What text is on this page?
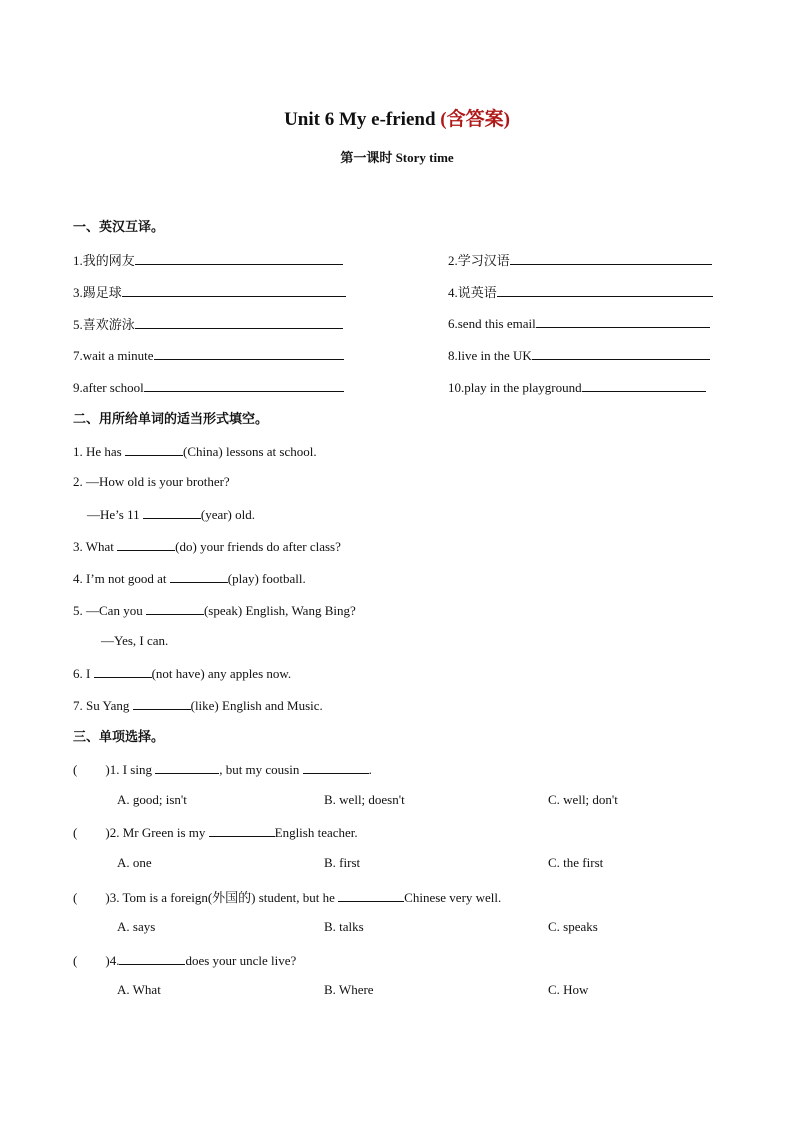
Unit 6 My e-friend (含答案)
第一课时 Story time
一、英汉互译。
1.我的网友	2.学习汉语
3.踢足球	4.说英语
5.喜欢游泳	6.send this email
7.wait a minute	8.live in the UK
9.after school	10.play in the playground
二、用所给单词的适当形式填空。
1. He has	(China) lessons at school.
2. —How old is your brother?
—He’s 11	(year) old.
3. What	(do) your friends do after class?
4. I’m not good at	(play) football.
5. —Can you	(speak) English, Wang Bing?
—Yes, I can.
6. I	(not have) any apples now.
7. Su Yang	(like) English and Music.
三、单项选择。
( )1. I sing	, but my cousin	.
A. good; isn't	B. well; doesn't	C. well; don't
( )2. Mr Green is my	English teacher.
A. one	B. first	C. the first
( )3. Tom is a foreign(外国的) student, but he	Chinese very well.
A. says	B. talks	C. speaks
( )4.	does your uncle live?
A. What	B. Where	C. How
